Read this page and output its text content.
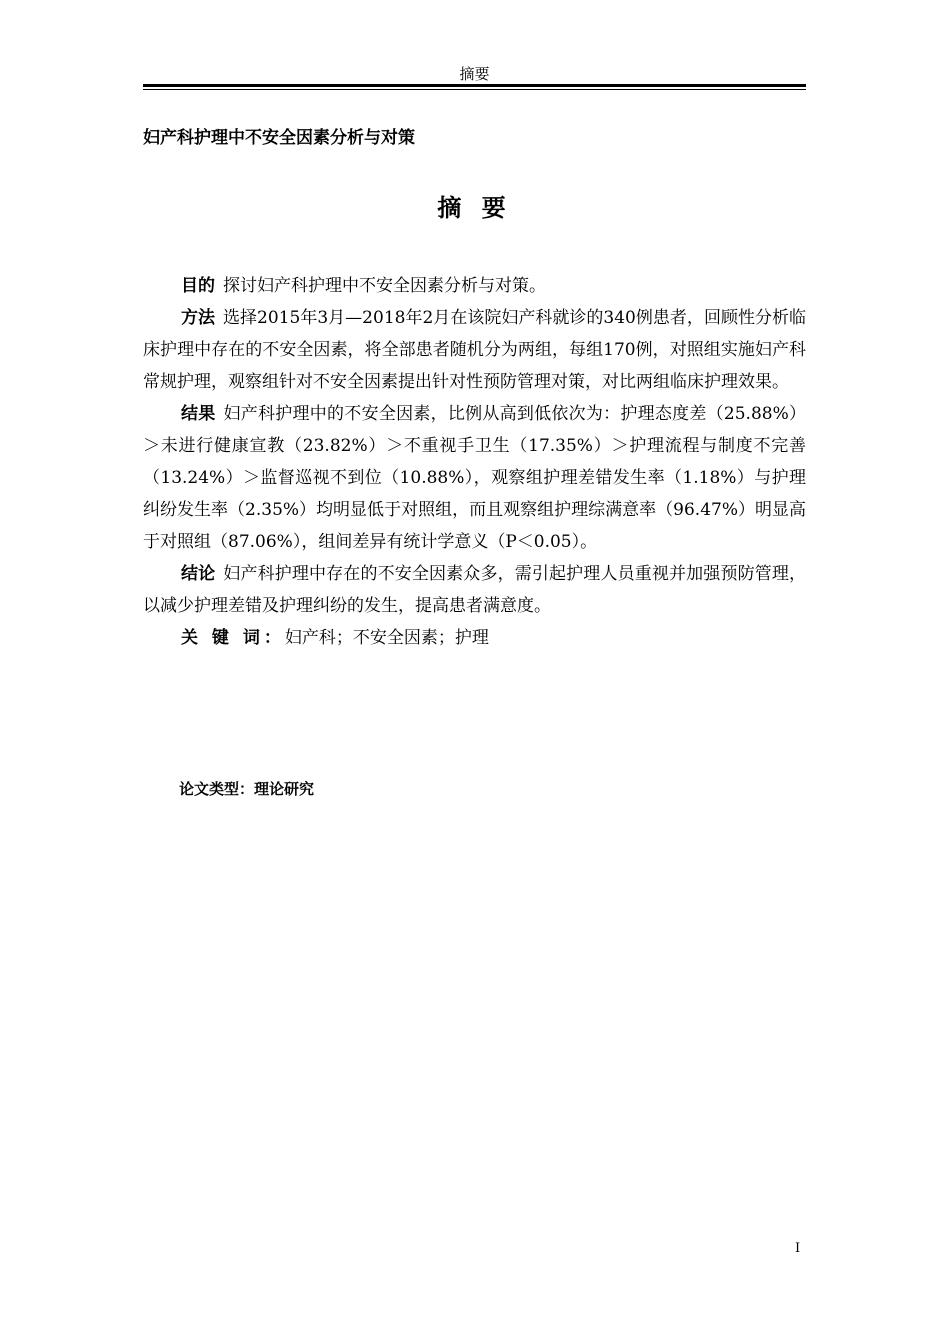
摘要
妇产科护理中不安全因素分析与对策
摘 要

目的 探讨妇产科护理中不安全因素分析与对策。

方法 选择2015年3月—2018年2月在该院妇产科就诊的340例患者，回顾性分析临床护理中存在的不安全因素，将全部患者随机分为两组，每组170例，对照组实施妇产科常规护理，观察组针对不安全因素提出针对性预防管理对策，对比两组临床护理效果。

结果 妇产科护理中的不安全因素，比例从高到低依次为：护理态度差（25.88%）＞未进行健康宣教（23.82%）＞不重视手卫生（17.35%）＞护理流程与制度不完善（13.24%）＞监督巡视不到位（10.88%），观察组护理差错发生率（1.18%）与护理纠纷发生率（2.35%）均明显低于对照组，而且观察组护理综满意率（96.47%）明显高于对照组（87.06%），组间差异有统计学意义（P＜0.05）。

结论 妇产科护理中存在的不安全因素众多，需引起护理人员重视并加强预防管理，以减少护理差错及护理纠纷的发生，提高患者满意度。

关 键 词：妇产科；不安全因素；护理

论文类型：理论研究
I
